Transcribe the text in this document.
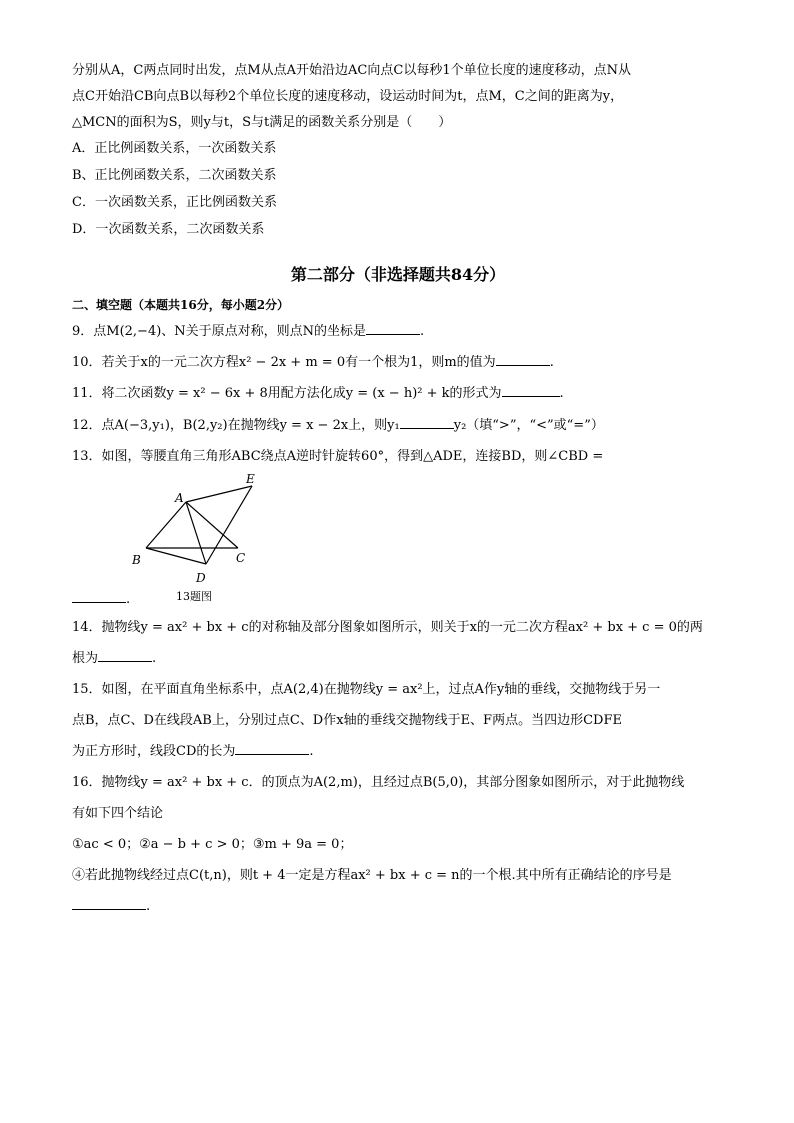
分别从A，C两点同时出发，点M从点A开始沿边AC向点C以每秒1个单位长度的速度移动，点N从
点C开始沿CB向点B以每秒2个单位长度的速度移动，设运动时间为t，点M，C之间的距离为y，
△MCN的面积为S，则y与t，S与t满足的函数关系分别是（　　）
A．正比例函数关系，一次函数关系
B、正比例函数关系，二次函数关系
C．一次函数关系，正比例函数关系
D．一次函数关系，二次函数关系
第二部分（非选择题共84分）
二、填空题（本题共16分，每小题2分）
9．点M(2,−4)、N关于原点对称，则点N的坐标是	.
10．若关于x的一元二次方程x² − 2x + m = 0有一个根为1，则m的值为	.
11．将二次函数y = x² − 6x + 8用配方法化成y = (x − h)² + k的形式为	.
12．点A(−3,y₁)，B(2,y₂)在抛物线y = x − 2x上，则y₁	y₂（填“>”，“<”或“=”）
13．如图，等腰直角三角形ABC绕点A逆时针旋转60°，得到△ADE，连接BD，则∠CBD =
A
B	C
D
E
.	13题图
14．抛物线y = ax² + bx + c的对称轴及部分图象如图所示，则关于x的一元二次方程ax² + bx + c = 0的两
根为	.
15．如图，在平面直角坐标系中，点A(2,4)在抛物线y = ax²上，过点A作y轴的垂线，交抛物线于另一
点B，点C、D在线段AB上，分别过点C、D作x轴的垂线交抛物线于E、F两点。当四边形CDFE
为正方形时，线段CD的长为	.
16．抛物线y = ax² + bx + c．的顶点为A(2,m)，且经过点B(5,0)，其部分图象如图所示，对于此抛物线
有如下四个结论
①ac < 0；②a − b + c > 0；③m + 9a = 0；
④若此抛物线经过点C(t,n)，则t + 4一定是方程ax² + bx + c = n的一个根.其中所有正确结论的序号是
.
